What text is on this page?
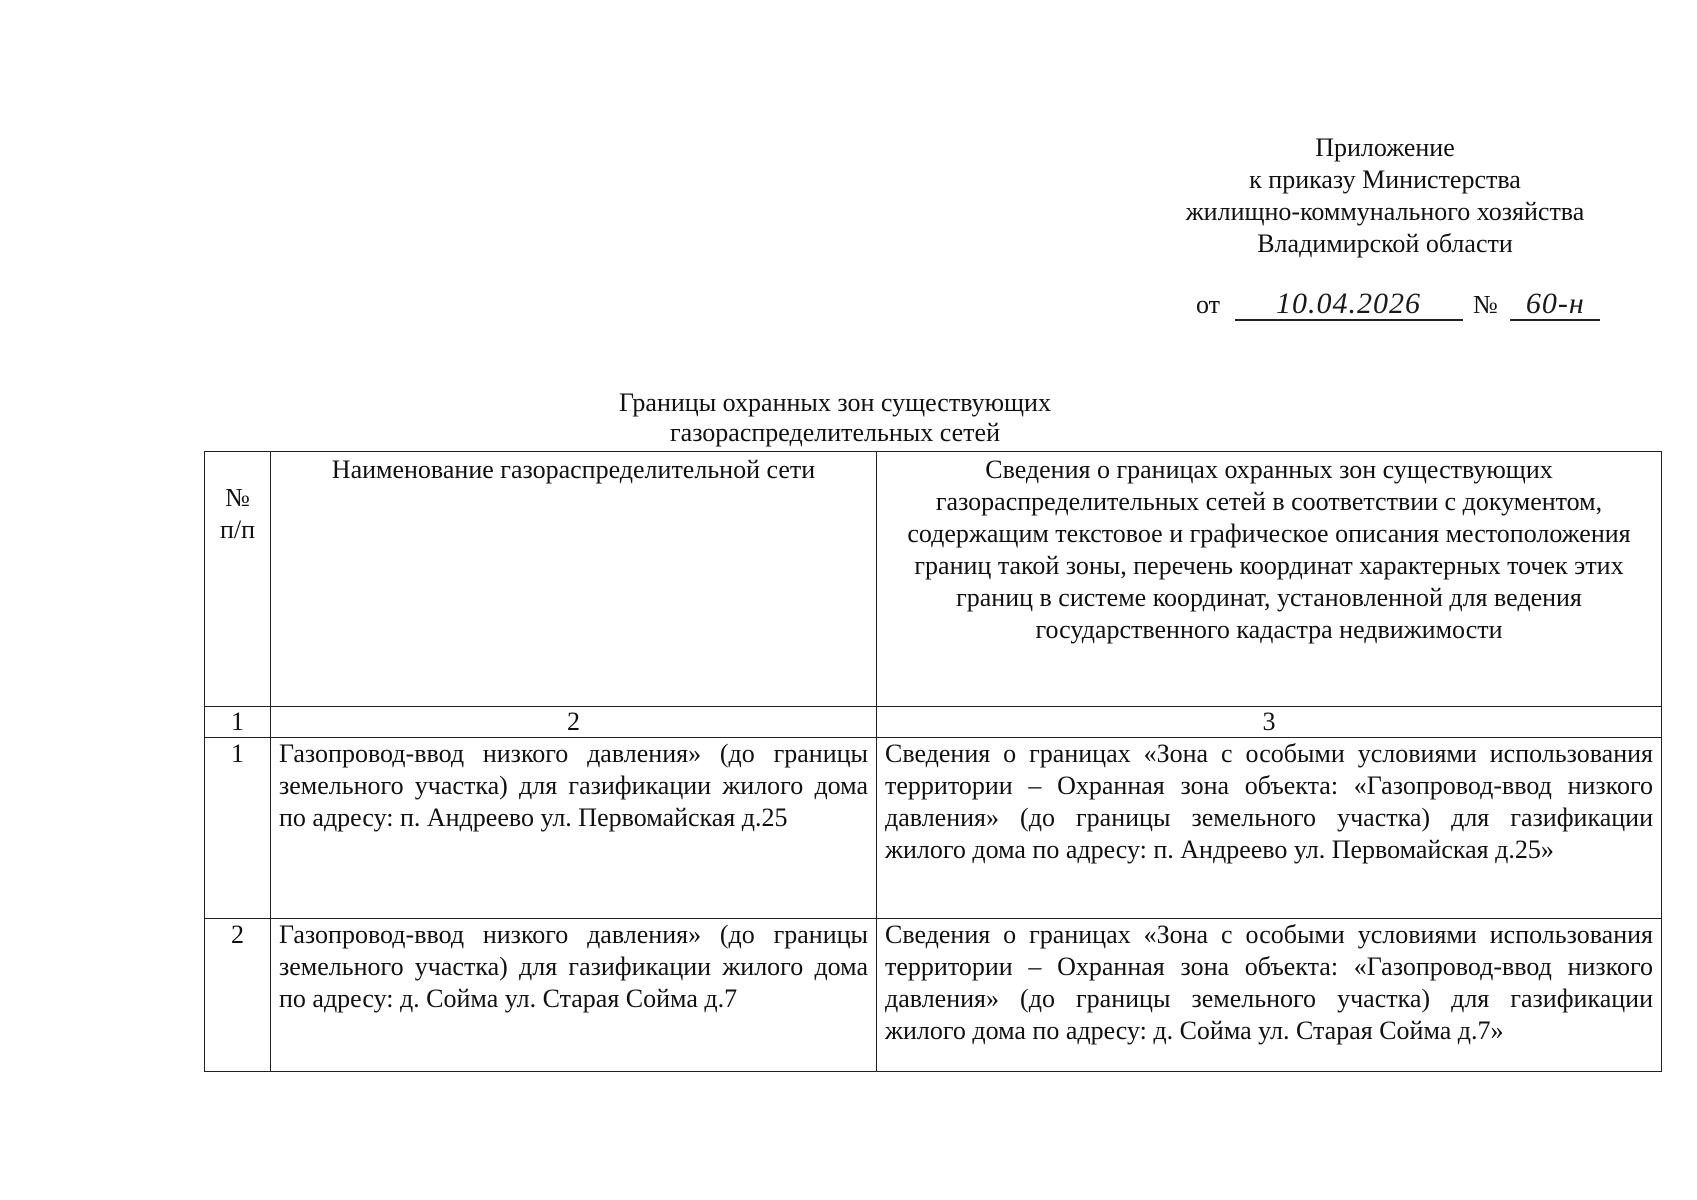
Приложение
к приказу Министерства
жилищно-коммунального хозяйства
Владимирской области
от 10.04.2026 № 60-н
Границы охранных зон существующих
газораспределительных сетей
№ п/п	Наименование газораспределительной сети	Сведения о границах охранных зон существующих газораспределительных сетей в соответствии с документом, содержащим текстовое и графическое описания местоположения границ такой зоны, перечень координат характерных точек этих границ в системе координат, установленной для ведения государственного кадастра недвижимости
1	2	3
1	Газопровод-ввод низкого давления» (до границы земельного участка) для газификации жилого дома по адресу: п. Андреево ул. Первомайская д.25	Сведения о границах «Зона с особыми условиями использования территории – Охранная зона объекта: «Газопровод-ввод низкого давления» (до границы земельного участка) для газификации жилого дома по адресу: п. Андреево ул. Первомайская д.25»
2	Газопровод-ввод низкого давления» (до границы земельного участка) для газификации жилого дома по адресу: д. Сойма ул. Старая Сойма д.7	Сведения о границах «Зона с особыми условиями использования территории – Охранная зона объекта: «Газопровод-ввод низкого давления» (до границы земельного участка) для газификации жилого дома по адресу: д. Сойма ул. Старая Сойма д.7»
